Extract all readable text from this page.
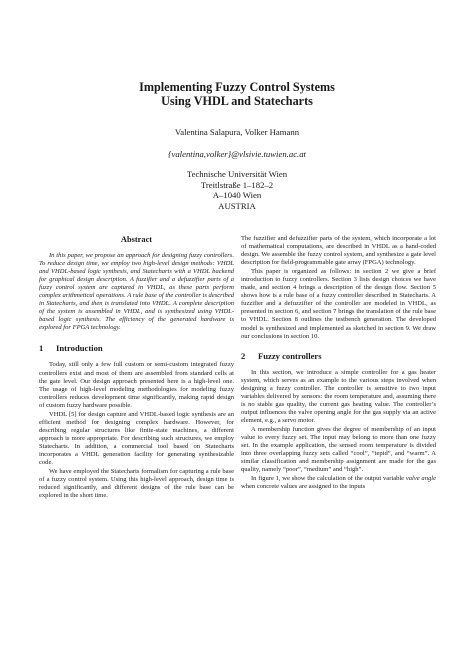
Implementing Fuzzy Control Systems
Using VHDL and Statecharts
Valentina Salapura, Volker Hamann
{valentina,volker}@vlsivie.tuwien.ac.at
Technische Universität Wien
Treitlstraße 1–182–2
A–1040 Wien
AUSTRIA
Abstract

In this paper, we propose an approach for designing fuzzy controllers. To reduce design time, we employ two high-level design methods: VHDL and VHDL-based logic synthesis, and Statecharts with a VHDL backend for graphical design description. A fuzzifier and a defuzzifier parts of a fuzzy control system are captured in VHDL, as these parts perform complex arithmetical operations. A rule base of the controller is described in Statecharts, and then is translated into VHDL. A complete description of the system is assembled in VHDL, and is synthesized using VHDL-based logic synthesis. The efficiency of the generated hardware is explored for FPGA technology.

1 Introduction

Today, still only a few full custom or semi-custom integrated fuzzy controllers exist and most of them are assembled from standard cells at the gate level. Our design approach presented here is a high-level one. The usage of high-level modeling methodologies for modeling fuzzy controllers reduces development time significantly, making rapid design of custom fuzzy hardware possible.

VHDL [5] for design capture and VHDL-based logic synthesis are an efficient method for designing complex hardware. However, for describing regular structures like finite-state machines, a different approach is more appropriate. For describing such structures, we employ Statecharts. In addition, a commercial tool based on Statecharts incorporates a VHDL generation facility for generating synthesizable code.

We have employed the Statecharts formalism for capturing a rule base of a fuzzy control system. Using this high-level approach, design time is reduced significantly, and different designs of the rule base can be explored in the short time.

The fuzzifier and defuzzifier parts of the system, which incorporate a lot of mathematical computations, are described in VHDL as a hand-coded design. We assemble the fuzzy control system, and synthesize a gate level description for field-programmable gate array (FPGA) technology.

This paper is organized as follows: in section 2 we give a brief introduction to fuzzy controllers. Section 3 lists design choices we have made, and section 4 brings a description of the design flow. Section 5 shows how is a rule base of a fuzzy controller described in Statecharts. A fuzzifier and a defuzzifier of the controller are modeled in VHDL, as presented in section 6, and section 7 brings the translation of the rule base to VHDL. Section 8 outlines the testbench generation. The developed model is synthesized and implemented as sketched in section 9. We draw our conclusions in section 10.

2 Fuzzy controllers

In this section, we introduce a simple controller for a gas heater system, which serves as an example to the various steps involved when designing a fuzzy controller. The controller is sensitive to two input variables delivered by sensors: the room temperature and, assuming there is no stable gas quality, the current gas heating value. The controller’s output influences the valve opening angle for the gas supply via an active element, e.g., a servo motor.

A membership function gives the degree of membership of an input value to every fuzzy set. The input may belong to more than one fuzzy set. In the example application, the sensed room temperature is divided into three overlapping fuzzy sets called “cool”, “tepid”, and “warm”. A similar classification and membership assignment are made for the gas quality, namely “poor”, “medium” and “high”.

In figure 1, we show the calculation of the output variable valve angle when concrete values are assigned to the inputs
